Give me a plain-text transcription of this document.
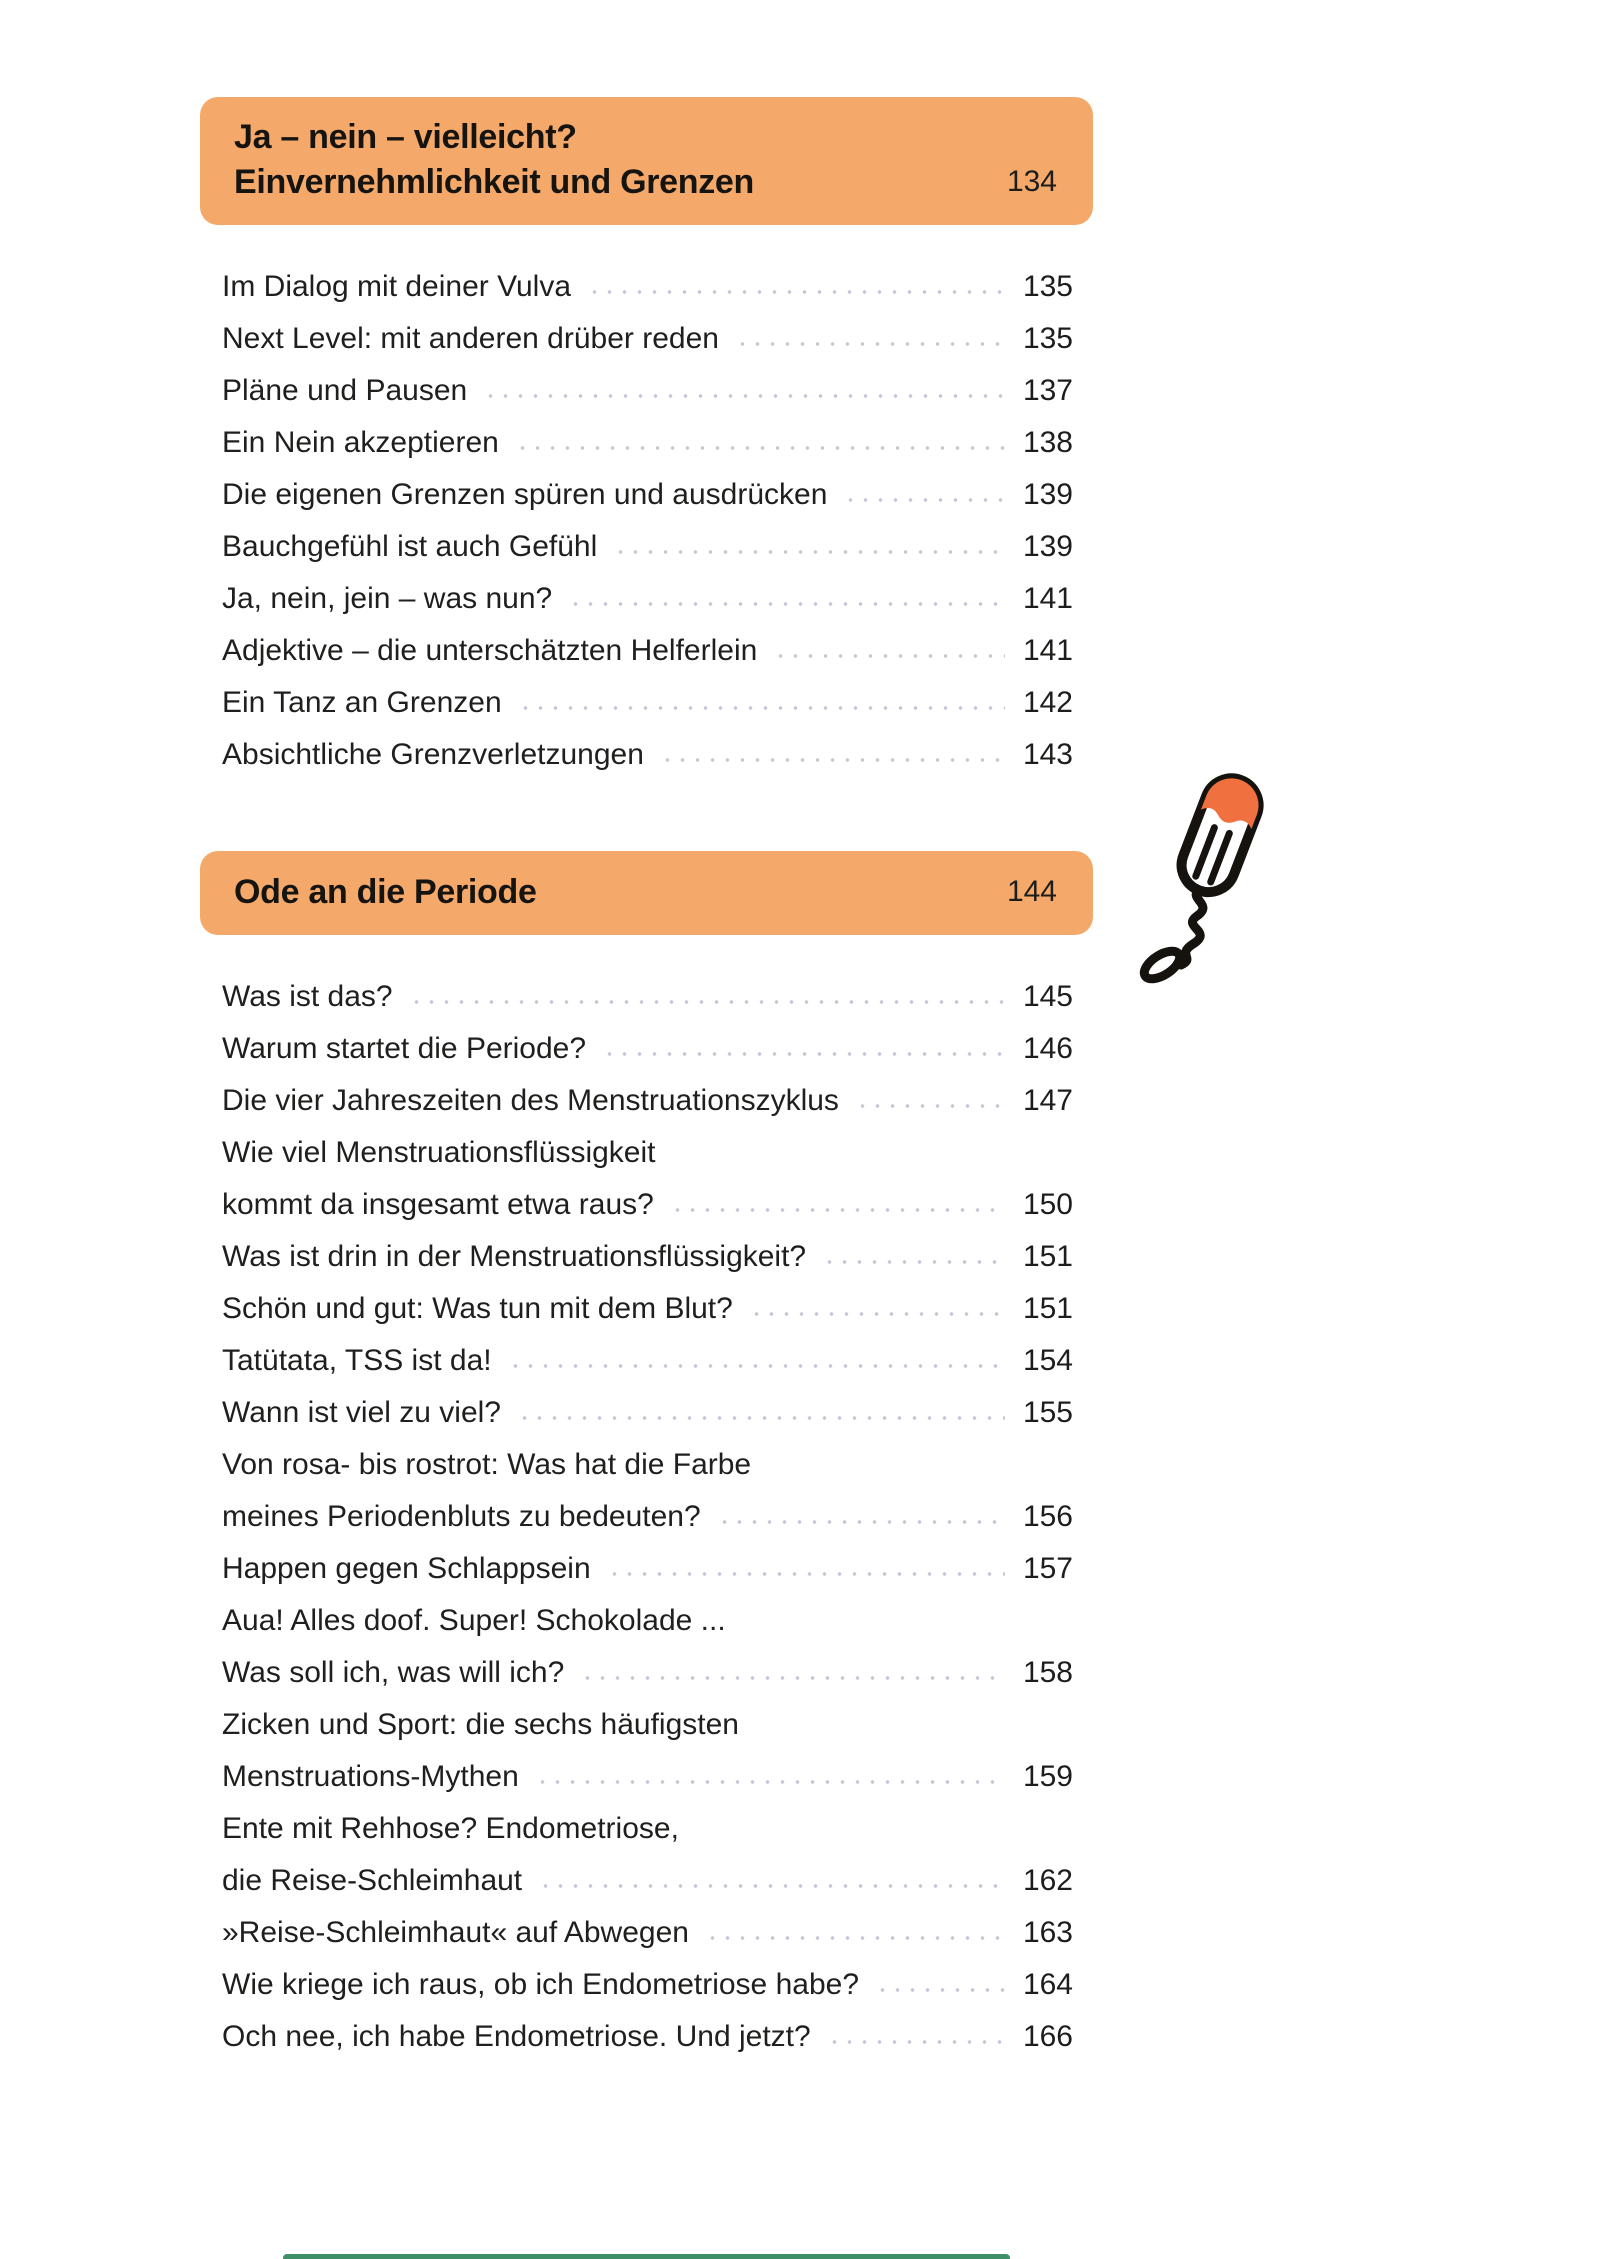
Ja – nein – vielleicht?
Einvernehmlichkeit und Grenzen	134
Im Dialog mit deiner Vulva	135
Next Level: mit anderen drüber reden	135
Pläne und Pausen	137
Ein Nein akzeptieren	138
Die eigenen Grenzen spüren und ausdrücken	139
Bauchgefühl ist auch Gefühl	139
Ja, nein, jein – was nun?	141
Adjektive – die unterschätzten Helferlein	141
Ein Tanz an Grenzen	142
Absichtliche Grenzverletzungen	143
Ode an die Periode	144
Was ist das?	145
Warum startet die Periode?	146
Die vier Jahreszeiten des Menstruationszyklus	147
Wie viel Menstruationsflüssigkeit
kommt da insgesamt etwa raus?	150
Was ist drin in der Menstruationsflüssigkeit?	151
Schön und gut: Was tun mit dem Blut?	151
Tatütata, TSS ist da!	154
Wann ist viel zu viel?	155
Von rosa- bis rostrot: Was hat die Farbe
meines Periodenbluts zu bedeuten?	156
Happen gegen Schlappsein	157
Aua! Alles doof. Super! Schokolade ...
Was soll ich, was will ich?	158
Zicken und Sport: die sechs häufigsten
Menstruations-Mythen	159
Ente mit Rehhose? Endometriose,
die Reise-Schleimhaut	162
»Reise-Schleimhaut« auf Abwegen	163
Wie kriege ich raus, ob ich Endometriose habe?	164
Och nee, ich habe Endometriose. Und jetzt?	166
